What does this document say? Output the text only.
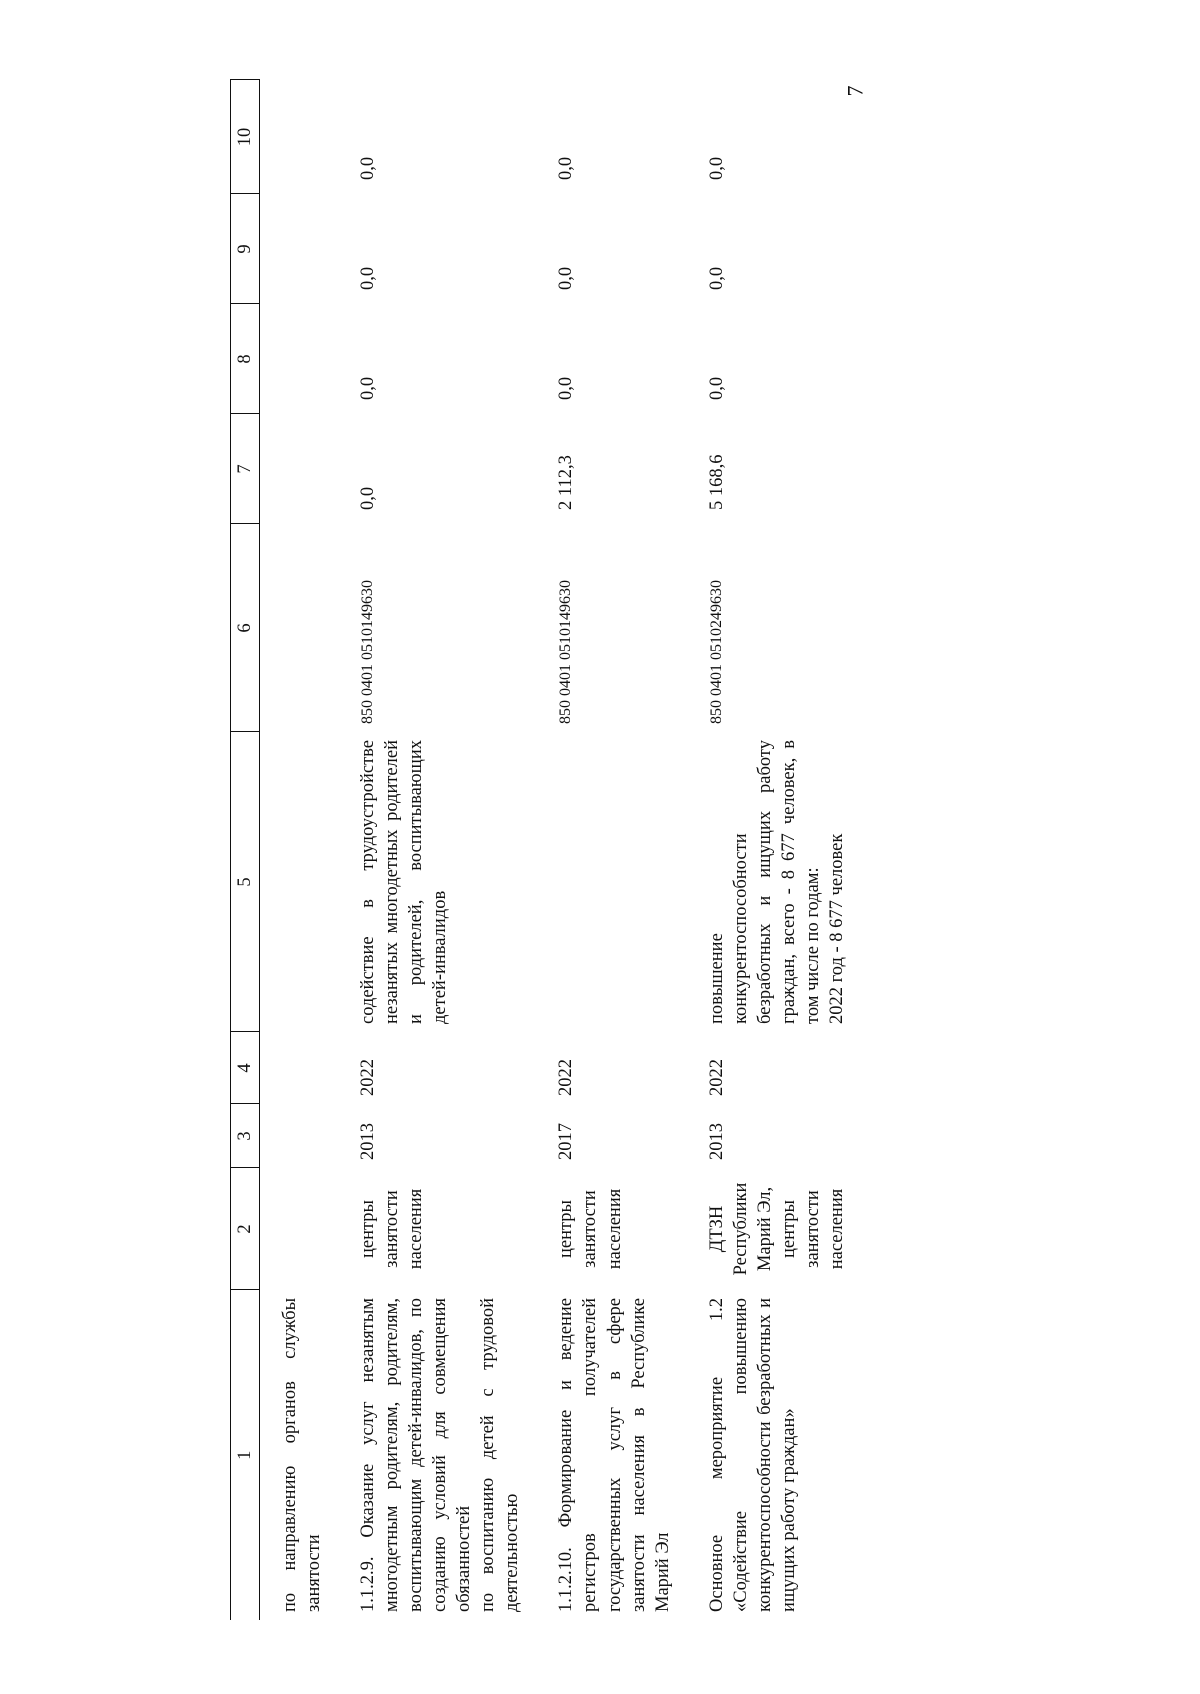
7
1	2	3	4	5	6	7	8	9	10
по направлению органов службы занятости									

1.1.2.9. Оказание услуг незанятым многодетным родителям, родителям, воспитывающим детей-инвалидов, по созданию условий для совмещения обязанностей по воспитанию детей с трудовой деятельностью	центры занятости населения	2013	2022	содействие в трудоустройстве незанятых многодетных родителей и родителей, воспитывающих детей-инвалидов	850 0401 0510149630	0,0	0,0	0,0	0,0

1.1.2.10. Формирование и ведение регистров получателей государственных услуг в сфере занятости населения в Республике Марий Эл	центры занятости населения	2017	2022		850 0401 0510149630	2 112,3	0,0	0,0	0,0

Основное мероприятие 1.2 «Содействие повышению конкурентоспособности безработных и ищущих работу граждан»	ДТЗН Республики Марий Эл, центры занятости населения	2013	2022	повышение конкурентоспособности безработных и ищущих работу граждан, всего - 8 677 человек, в том числе по годам: 2022 год - 8 677 человек	850 0401 0510249630	5 168,6	0,0	0,0	0,0
